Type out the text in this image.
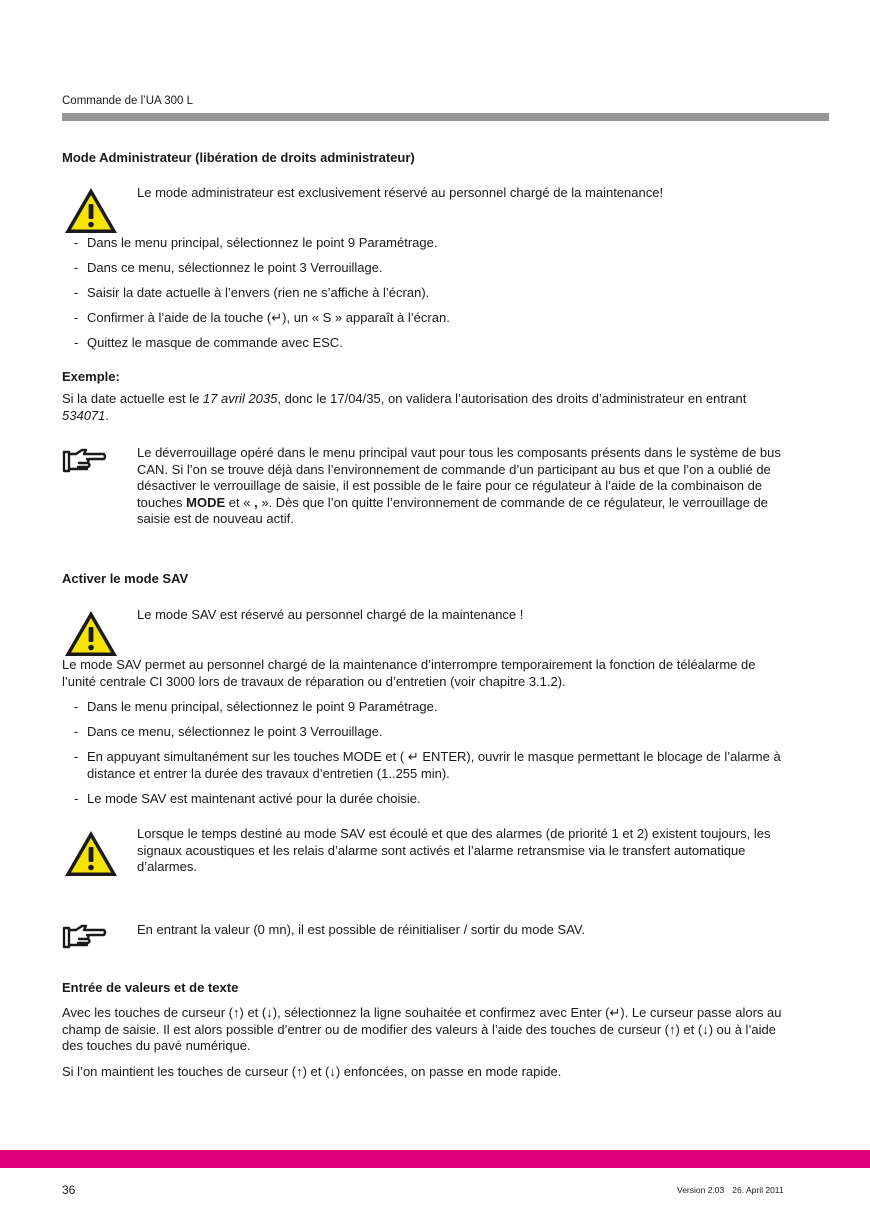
Commande de l’UA 300 L
Mode Administrateur (libération de droits administrateur)

Le mode administrateur est exclusivement réservé au personnel chargé de la maintenance!

- Dans le menu principal, sélectionnez le point 9 Paramétrage.
- Dans ce menu, sélectionnez le point 3 Verrouillage.
- Saisir la date actuelle à l’envers (rien ne s’affiche à l’écran).
- Confirmer à l’aide de la touche (↵), un « S » apparaît à l’écran.
- Quittez le masque de commande avec ESC.
Exemple:

Si la date actuelle est le 17 avril 2035, donc le 17/04/35, on validera l’autorisation des droits d’administrateur en entrant 534071.

Le déverrouillage opéré dans le menu principal vaut pour tous les composants présents dans le système de bus CAN. Si l’on se trouve déjà dans l’environnement de commande d’un participant au bus et que l’on a oublié de désactiver le verrouillage de saisie, il est possible de le faire pour ce régulateur à l’aide de la combinaison de touches MODE et « , ». Dès que l’on quitte l’environnement de commande de ce régulateur, le verrouillage de saisie est de nouveau actif.

Activer le mode SAV

Le mode SAV est réservé au personnel chargé de la maintenance !

Le mode SAV permet au personnel chargé de la maintenance d’interrompre temporairement la fonction de téléalarme de l’unité centrale CI 3000 lors de travaux de réparation ou d’entretien (voir chapitre 3.1.2).

- Dans le menu principal, sélectionnez le point 9 Paramétrage.
- Dans ce menu, sélectionnez le point 3 Verrouillage.
- En appuyant simultanément sur les touches MODE et ( ↵ ENTER), ouvrir le masque permettant le blocage de l’alarme à distance et entrer la durée des travaux d’entretien (1..255 min).
- Le mode SAV est maintenant activé pour la durée choisie.

Lorsque le temps destiné au mode SAV est écoulé et que des alarmes (de priorité 1 et 2) existent toujours, les signaux acoustiques et les relais d’alarme sont activés et l’alarme retransmise via le transfert automatique d’alarmes.

En entrant la valeur (0 mn), il est possible de réinitialiser / sortir du mode SAV.

Entrée de valeurs et de texte

Avec les touches de curseur (↑) et (↓), sélectionnez la ligne souhaitée et confirmez avec Enter (↵). Le curseur passe alors au champ de saisie. Il est alors possible d’entrer ou de modifier des valeurs à l’aide des touches de curseur (↑) et (↓) ou à l’aide des touches du pavé numérique.

Si l’on maintient les touches de curseur (↑) et (↓) enfoncées, on passe en mode rapide.

36	Version 2.03 26. April 2011
